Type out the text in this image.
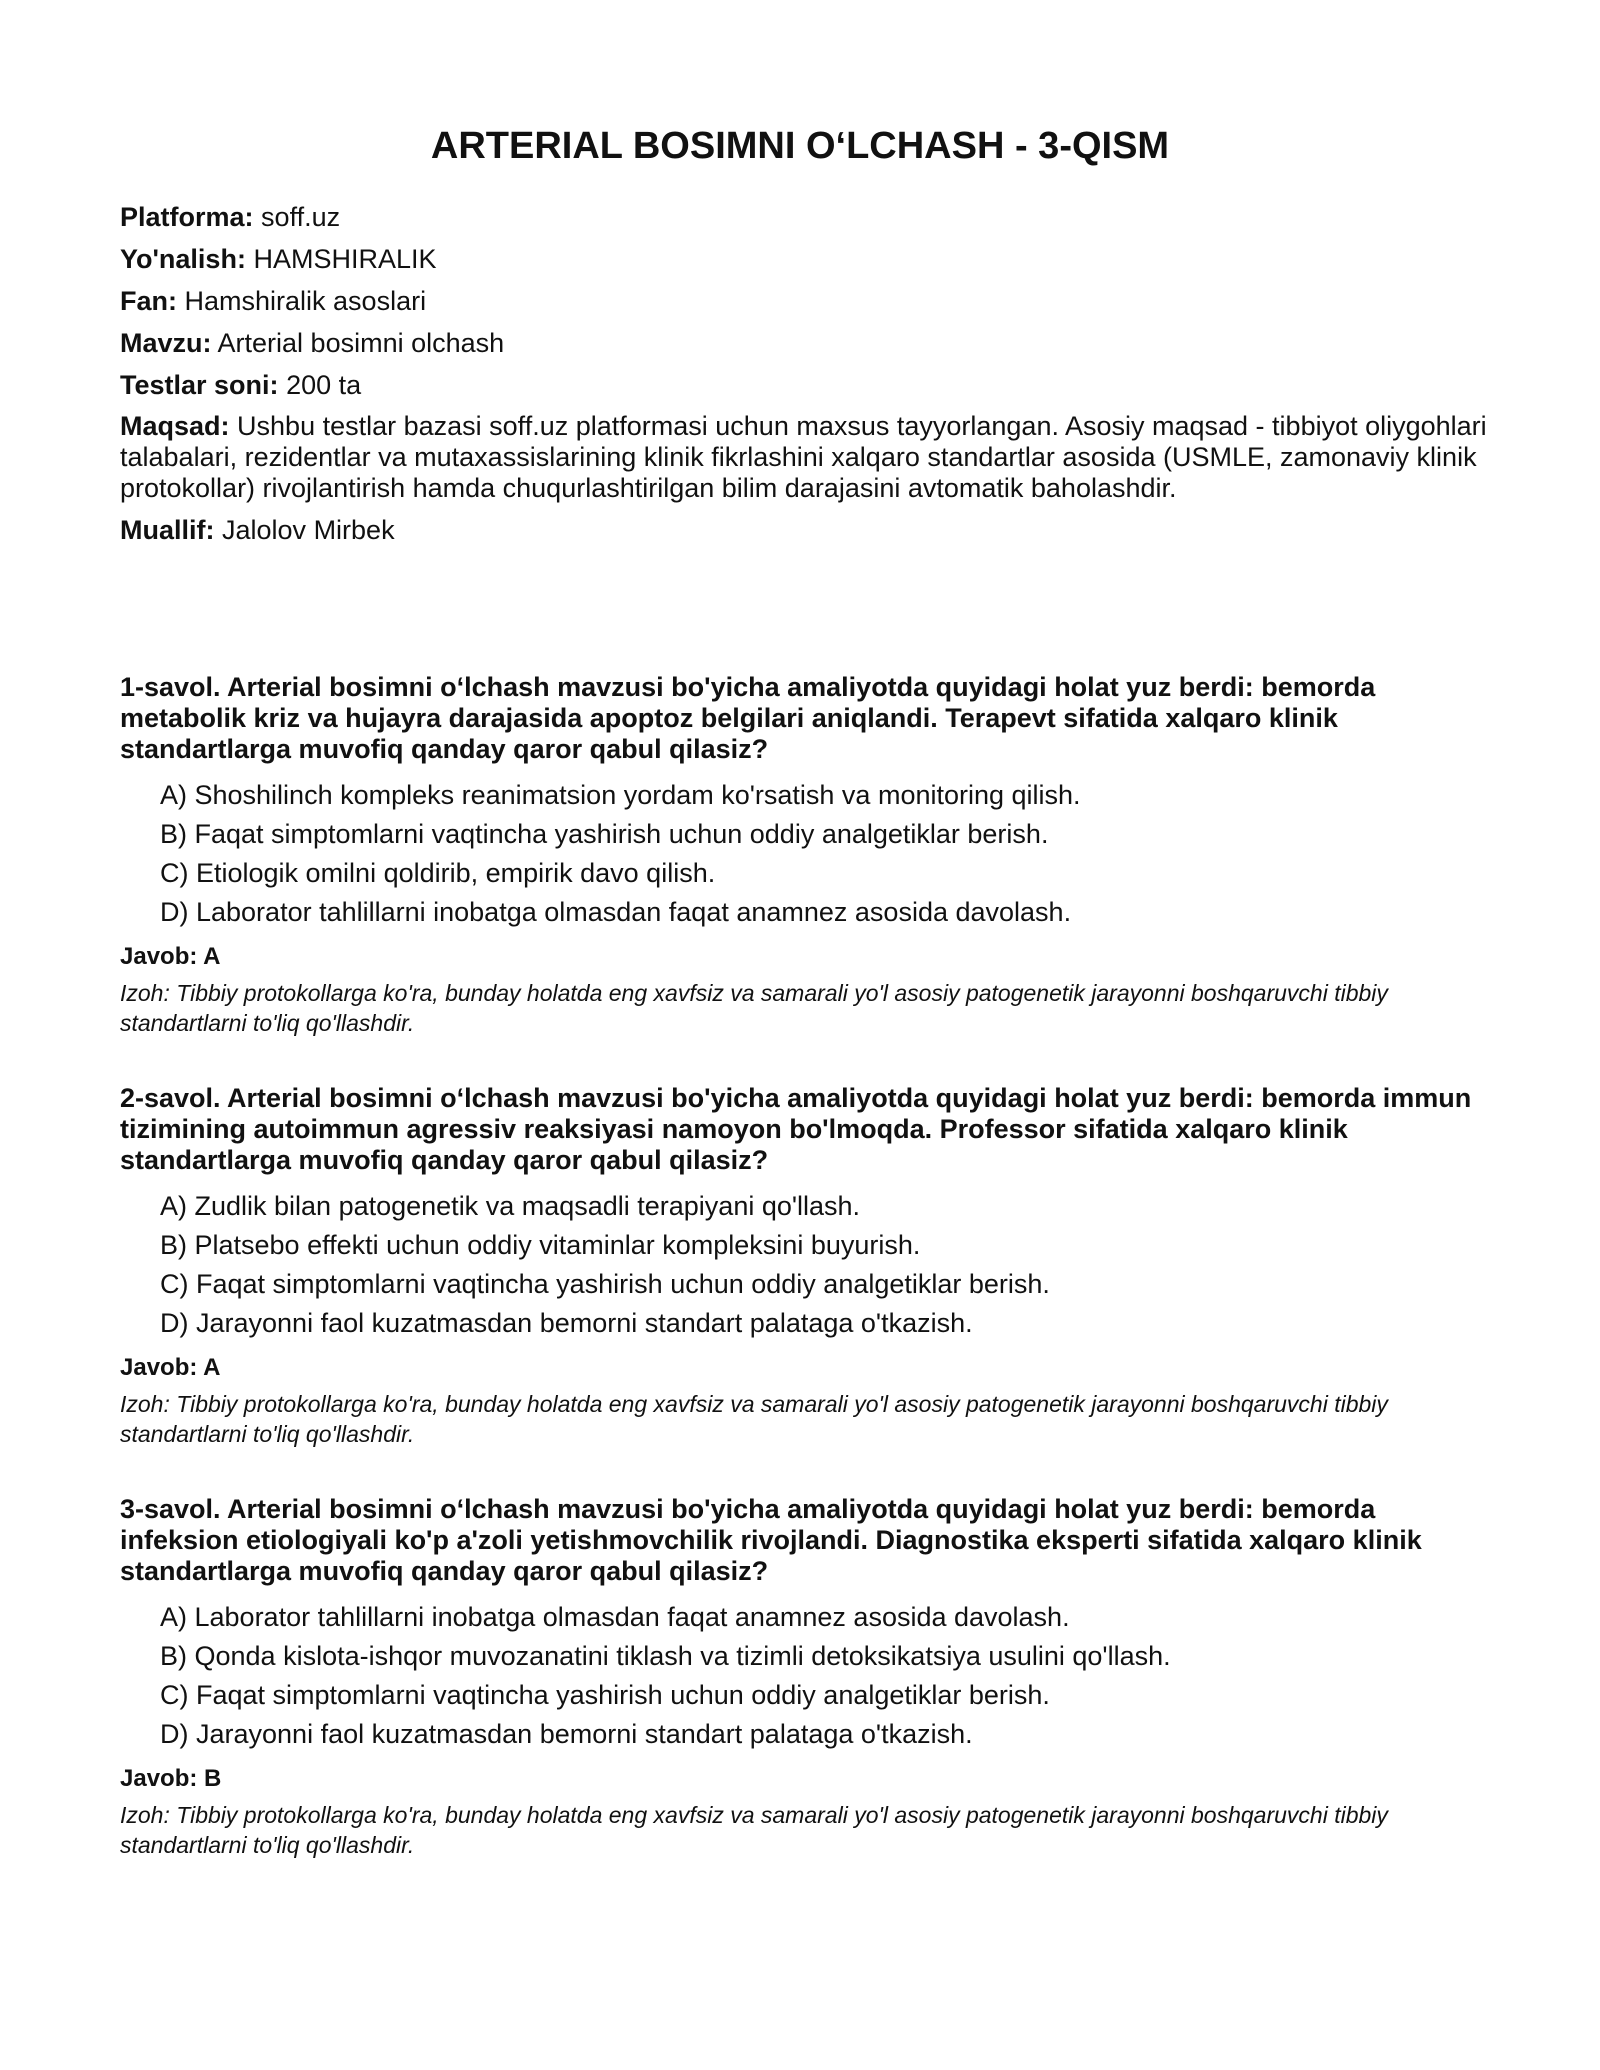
ARTERIAL BOSIMNI O‘LCHASH - 3-QISM

Platforma: soff.uz

Yo'nalish: HAMSHIRALIK

Fan: Hamshiralik asoslari

Mavzu: Arterial bosimni olchash

Testlar soni: 200 ta

Maqsad: Ushbu testlar bazasi soff.uz platformasi uchun maxsus tayyorlangan. Asosiy maqsad - tibbiyot oliygohlari talabalari, rezidentlar va mutaxassislarining klinik fikrlashini xalqaro standartlar asosida (USMLE, zamonaviy klinik protokollar) rivojlantirish hamda chuqurlashtirilgan bilim darajasini avtomatik baholashdir.

Muallif: Jalolov Mirbek

1-savol. Arterial bosimni o‘lchash mavzusi bo'yicha amaliyotda quyidagi holat yuz berdi: bemorda metabolik kriz va hujayra darajasida apoptoz belgilari aniqlandi. Terapevt sifatida xalqaro klinik standartlarga muvofiq qanday qaror qabul qilasiz?

A) Shoshilinch kompleks reanimatsion yordam ko'rsatish va monitoring qilish.
B) Faqat simptomlarni vaqtincha yashirish uchun oddiy analgetiklar berish.
C) Etiologik omilni qoldirib, empirik davo qilish.
D) Laborator tahlillarni inobatga olmasdan faqat anamnez asosida davolash.

Javob: A

Izoh: Tibbiy protokollarga ko'ra, bunday holatda eng xavfsiz va samarali yo'l asosiy patogenetik jarayonni boshqaruvchi tibbiy standartlarni to'liq qo'llashdir.

2-savol. Arterial bosimni o‘lchash mavzusi bo'yicha amaliyotda quyidagi holat yuz berdi: bemorda immun tizimining autoimmun agressiv reaksiyasi namoyon bo'lmoqda. Professor sifatida xalqaro klinik standartlarga muvofiq qanday qaror qabul qilasiz?

A) Zudlik bilan patogenetik va maqsadli terapiyani qo'llash.
B) Platsebo effekti uchun oddiy vitaminlar kompleksini buyurish.
C) Faqat simptomlarni vaqtincha yashirish uchun oddiy analgetiklar berish.
D) Jarayonni faol kuzatmasdan bemorni standart palataga o'tkazish.

Javob: A

Izoh: Tibbiy protokollarga ko'ra, bunday holatda eng xavfsiz va samarali yo'l asosiy patogenetik jarayonni boshqaruvchi tibbiy standartlarni to'liq qo'llashdir.

3-savol. Arterial bosimni o‘lchash mavzusi bo'yicha amaliyotda quyidagi holat yuz berdi: bemorda infeksion etiologiyali ko'p a'zoli yetishmovchilik rivojlandi. Diagnostika eksperti sifatida xalqaro klinik standartlarga muvofiq qanday qaror qabul qilasiz?

A) Laborator tahlillarni inobatga olmasdan faqat anamnez asosida davolash.
B) Qonda kislota-ishqor muvozanatini tiklash va tizimli detoksikatsiya usulini qo'llash.
C) Faqat simptomlarni vaqtincha yashirish uchun oddiy analgetiklar berish.
D) Jarayonni faol kuzatmasdan bemorni standart palataga o'tkazish.

Javob: B

Izoh: Tibbiy protokollarga ko'ra, bunday holatda eng xavfsiz va samarali yo'l asosiy patogenetik jarayonni boshqaruvchi tibbiy standartlarni to'liq qo'llashdir.
